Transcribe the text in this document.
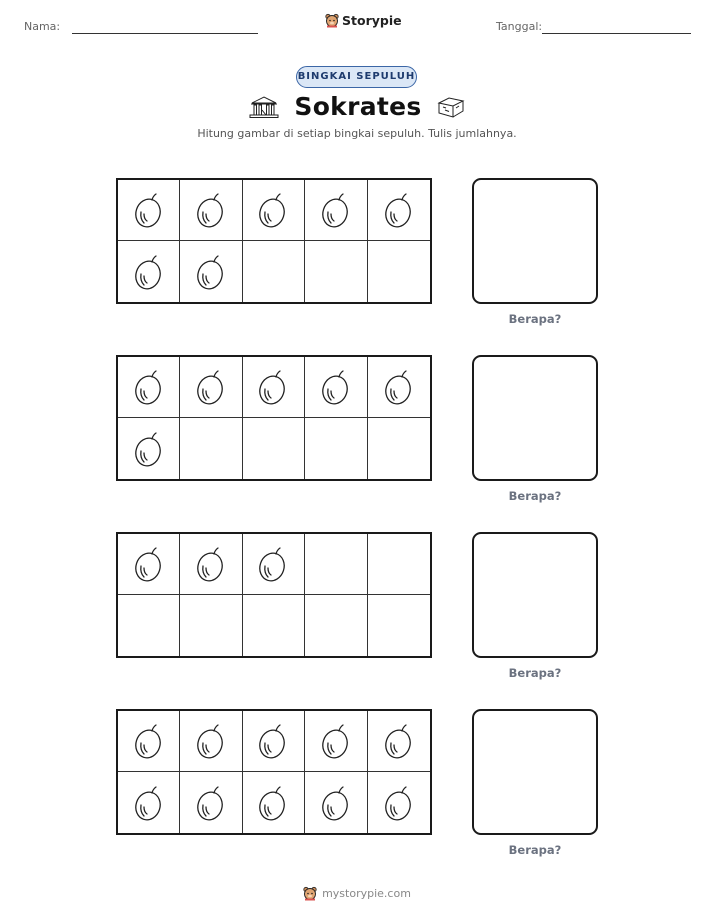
Nama:	Storypie	Tanggal:
BINGKAI SEPULUH
Sokrates
Hitung gambar di setiap bingkai sepuluh. Tulis jumlahnya.
Berapa?
Berapa?
Berapa?
Berapa?
mystorypie.com
